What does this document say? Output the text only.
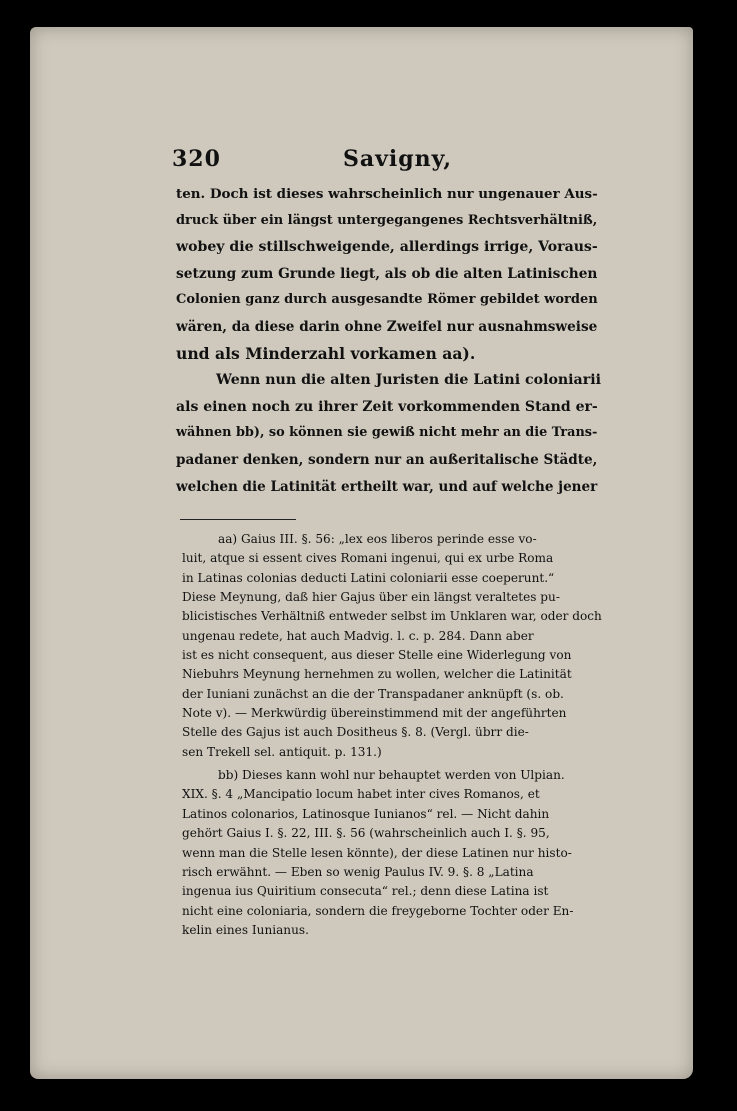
320	Savigny,
ten. Doch ist dieses wahrscheinlich nur ungenauer Aus-
druck über ein längst untergegangenes Rechtsverhältniß,
wobey die stillschweigende, allerdings irrige, Voraus-
setzung zum Grunde liegt, als ob die alten Latinischen
Colonien ganz durch ausgesandte Römer gebildet worden
wären, da diese darin ohne Zweifel nur ausnahmsweise
und als Minderzahl vorkamen aa).
Wenn nun die alten Juristen die Latini coloniarii
als einen noch zu ihrer Zeit vorkommenden Stand er-
wähnen bb), so können sie gewiß nicht mehr an die Trans-
padaner denken, sondern nur an außeritalische Städte,
welchen die Latinität ertheilt war, und auf welche jener
aa) Gaius III. §. 56: „lex eos liberos perinde esse vo-
luit, atque si essent cives Romani ingenui, qui ex urbe Roma
in Latinas colonias deducti Latini coloniarii esse coeperunt.“
Diese Meynung, daß hier Gajus über ein längst veraltetes pu-
blicistisches Verhältniß entweder selbst im Unklaren war, oder doch
ungenau redete, hat auch Madvig. l. c. p. 284. Dann aber
ist es nicht consequent, aus dieser Stelle eine Widerlegung von
Niebuhrs Meynung hernehmen zu wollen, welcher die Latinität
der Iuniani zunächst an die der Transpadaner anknüpft (s. ob.
Note v). — Merkwürdig übereinstimmend mit der angeführten
Stelle des Gajus ist auch Dositheus §. 8. (Vergl. übrr die-
sen Trekell sel. antiquit. p. 131.)
bb) Dieses kann wohl nur behauptet werden von Ulpian.
XIX. §. 4 „Mancipatio locum habet inter cives Romanos, et
Latinos colonarios, Latinosque Iunianos“ rel. — Nicht dahin
gehört Gaius I. §. 22, III. §. 56 (wahrscheinlich auch I. §. 95,
wenn man die Stelle lesen könnte), der diese Latinen nur histo-
risch erwähnt. — Eben so wenig Paulus IV. 9. §. 8 „Latina
ingenua ius Quiritium consecuta“ rel.; denn diese Latina ist
nicht eine coloniaria, sondern die freygeborne Tochter oder En-
kelin eines Iunianus.
